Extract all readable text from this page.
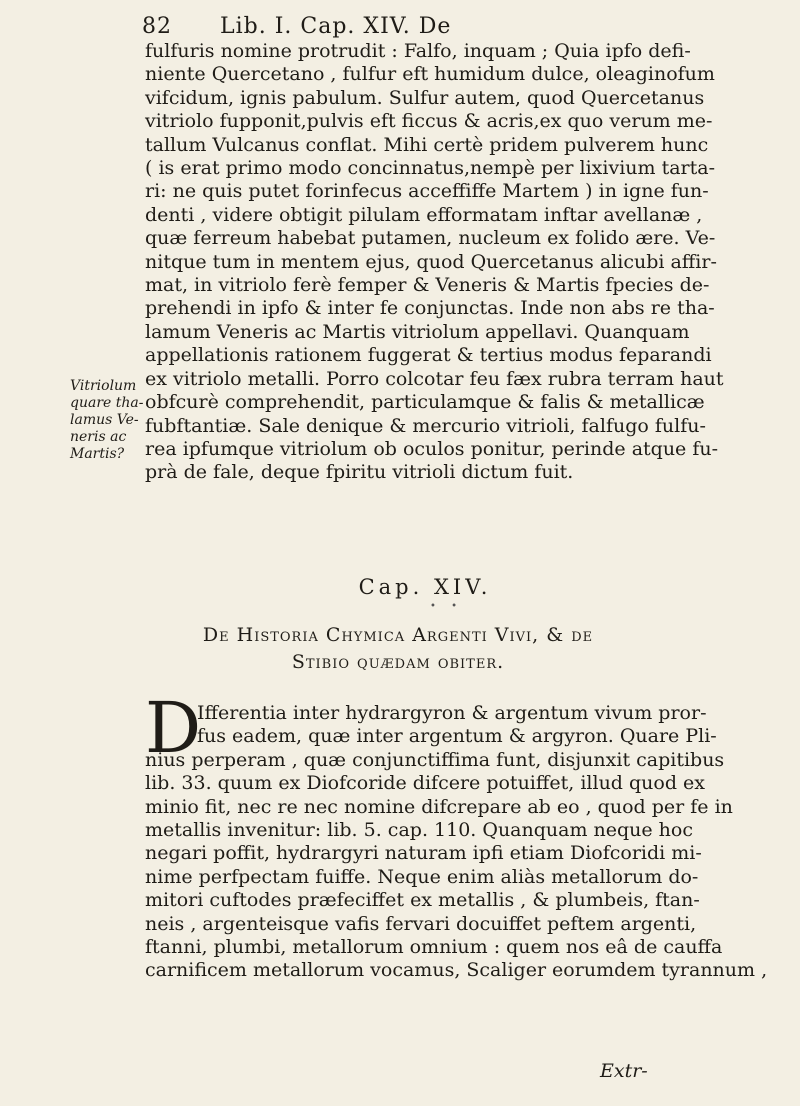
82 Lib. I. Cap. XIV. De
fulfuris nomine protrudit : Falfo, inquam ; Quia ipfo defi-
niente Quercetano , fulfur eft humidum dulce, oleaginofum
vifcidum, ignis pabulum. Sulfur autem, quod Quercetanus
vitriolo fupponit,pulvis eft ficcus & acris,ex quo verum me-
tallum Vulcanus conflat. Mihi certè pridem pulverem hunc
( is erat primo modo concinnatus,nempè per lixivium tarta-
ri: ne quis putet forinfecus acceffiffe Martem ) in igne fun-
denti , videre obtigit pilulam efformatam inftar avellanæ ,
quæ ferreum habebat putamen, nucleum ex folido ære. Ve-
nitque tum in mentem ejus, quod Quercetanus alicubi affir-
mat, in vitriolo ferè femper & Veneris & Martis fpecies de-
prehendi in ipfo & inter fe conjunctas. Inde non abs re tha-
lamum Veneris ac Martis vitriolum appellavi. Quanquam
appellationis rationem fuggerat & tertius modus feparandi
ex vitriolo metalli. Porro colcotar feu fæx rubra terram haut
obfcurè comprehendit, particulamque & falis & metallicæ
fubftantiæ. Sale denique & mercurio vitrioli, falfugo fulfu-
rea ipfumque vitriolum ob oculos ponitur, perinde atque fu-
prà de fale, deque fpiritu vitrioli dictum fuit.
Vitriolum
quare tha-
lamus Ve-
neris ac
Martis?
Cap. XIV.
• •
De Historia Chymica Argenti Vivi, & de
Stibio quædam obiter.
D
Ifferentia inter hydrargyron & argentum vivum pror-
fus eadem, quæ inter argentum & argyron. Quare Pli-
nius perperam , quæ conjunctiffima funt, disjunxit capitibus
lib. 33. quum ex Diofcoride difcere potuiffet, illud quod ex
minio fit, nec re nec nomine difcrepare ab eo , quod per fe in
metallis invenitur: lib. 5. cap. 110. Quanquam neque hoc
negari poffit, hydrargyri naturam ipfi etiam Diofcoridi mi-
nime perfpectam fuiffe. Neque enim aliàs metallorum do-
mitori cuftodes præfeciffet ex metallis , & plumbeis, ftan-
neis , argenteisque vafis fervari docuiffet peftem argenti,
ftanni, plumbi, metallorum omnium : quem nos eâ de cauffa
carnificem metallorum vocamus, Scaliger eorumdem tyrannum ,
Extr-
